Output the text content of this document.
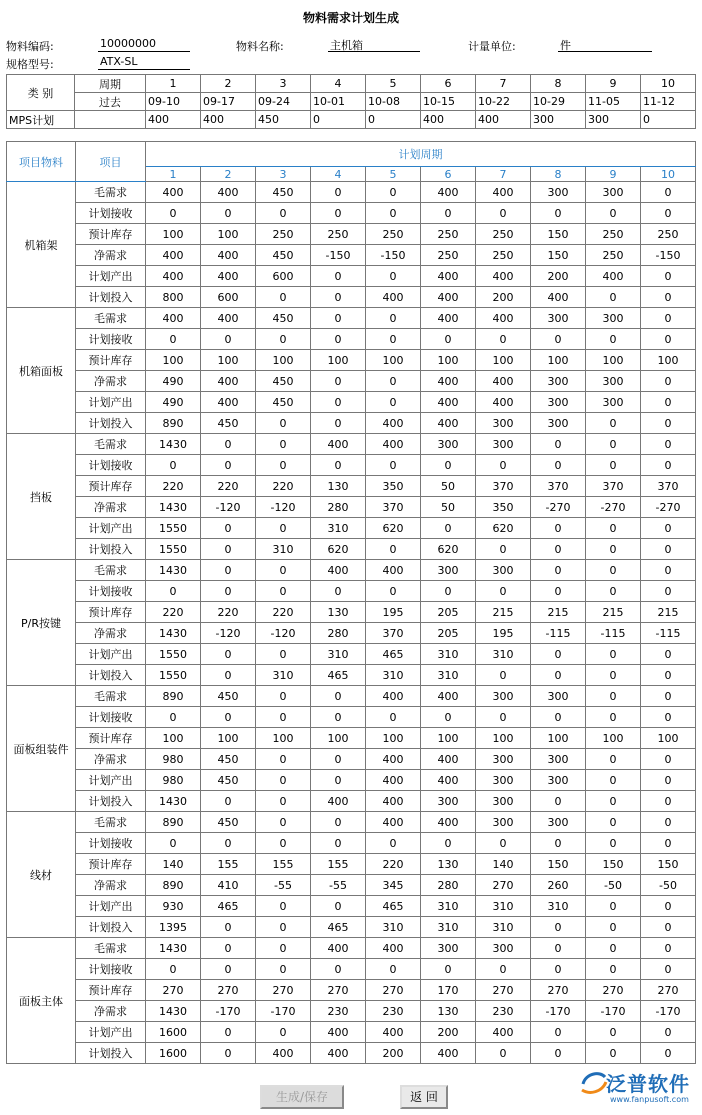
物料需求计划生成
物料编码:	10000000	物料名称:	主机箱	计量单位:	件
规格型号:	ATX-SL
类 别	周期	1	2	3	4	5	6	7	8	9	10
	过去	09-10	09-17	09-24	10-01	10-08	10-15	10-22	10-29	11-05	11-12
MPS计划		400	400	450	0	0	400	400	300	300	0
项目物料	项目	计划周期									
		1	2	3	4	5	6	7	8	9	10
机箱架	毛需求	400	400	450	0	0	400	400	300	300	0
	计划接收	0	0	0	0	0	0	0	0	0	0
	预计库存	100	100	250	250	250	250	250	150	250	250
	净需求	400	400	450	-150	-150	250	250	150	250	-150
	计划产出	400	400	600	0	0	400	400	200	400	0
	计划投入	800	600	0	0	400	400	200	400	0	0
机箱面板	毛需求	400	400	450	0	0	400	400	300	300	0
	计划接收	0	0	0	0	0	0	0	0	0	0
	预计库存	100	100	100	100	100	100	100	100	100	100
	净需求	490	400	450	0	0	400	400	300	300	0
	计划产出	490	400	450	0	0	400	400	300	300	0
	计划投入	890	450	0	0	400	400	300	300	0	0
挡板	毛需求	1430	0	0	400	400	300	300	0	0	0
	计划接收	0	0	0	0	0	0	0	0	0	0
	预计库存	220	220	220	130	350	50	370	370	370	370
	净需求	1430	-120	-120	280	370	50	350	-270	-270	-270
	计划产出	1550	0	0	310	620	0	620	0	0	0
	计划投入	1550	0	310	620	0	620	0	0	0	0
P/R按键	毛需求	1430	0	0	400	400	300	300	0	0	0
	计划接收	0	0	0	0	0	0	0	0	0	0
	预计库存	220	220	220	130	195	205	215	215	215	215
	净需求	1430	-120	-120	280	370	205	195	-115	-115	-115
	计划产出	1550	0	0	310	465	310	310	0	0	0
	计划投入	1550	0	310	465	310	310	0	0	0	0
面板组装件	毛需求	890	450	0	0	400	400	300	300	0	0
	计划接收	0	0	0	0	0	0	0	0	0	0
	预计库存	100	100	100	100	100	100	100	100	100	100
	净需求	980	450	0	0	400	400	300	300	0	0
	计划产出	980	450	0	0	400	400	300	300	0	0
	计划投入	1430	0	0	400	400	300	300	0	0	0
线材	毛需求	890	450	0	0	400	400	300	300	0	0
	计划接收	0	0	0	0	0	0	0	0	0	0
	预计库存	140	155	155	155	220	130	140	150	150	150
	净需求	890	410	-55	-55	345	280	270	260	-50	-50
	计划产出	930	465	0	0	465	310	310	310	0	0
	计划投入	1395	0	0	465	310	310	310	0	0	0
面板主体	毛需求	1430	0	0	400	400	300	300	0	0	0
	计划接收	0	0	0	0	0	0	0	0	0	0
	预计库存	270	270	270	270	270	170	270	270	270	270
	净需求	1430	-170	-170	230	230	130	230	-170	-170	-170
	计划产出	1600	0	0	400	400	200	400	0	0	0
	计划投入	1600	0	400	400	200	400	0	0	0	0
生成/保存	返 回
泛普软件
www.fanpusoft.com
